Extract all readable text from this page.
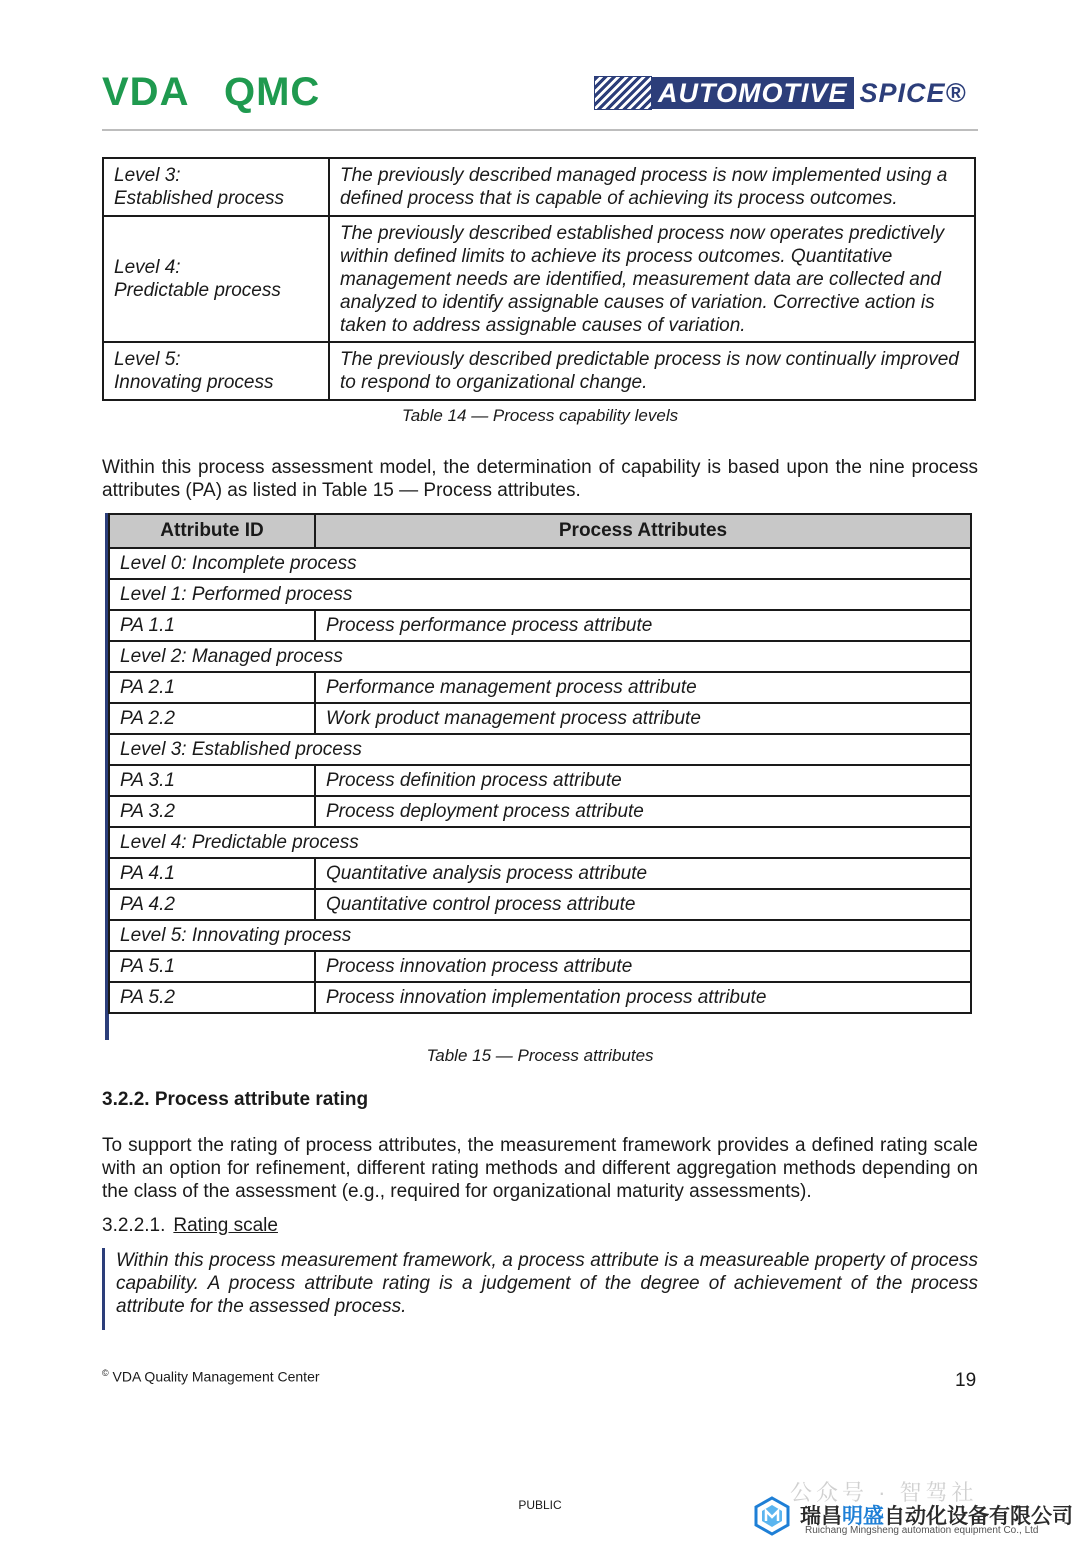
VDA QMC	AUTOMOTIVE SPICE®
Level 3:
Established process	The previously described managed process is now implemented using a defined process that is capable of achieving its process outcomes.

Level 4:
Predictable process	The previously described established process now operates predictively within defined limits to achieve its process outcomes. Quantitative management needs are identified, measurement data are collected and analyzed to identify assignable causes of variation. Corrective action is taken to address assignable causes of variation.

Level 5:
Innovating process	The previously described predictable process is now continually improved to respond to organizational change.
Table 14 — Process capability levels
Within this process assessment model, the determination of capability is based upon the nine process attributes (PA) as listed in Table 15 — Process attributes.
Attribute ID	Process Attributes
Level 0: Incomplete process	
Level 1: Performed process	
PA 1.1	Process performance process attribute
Level 2: Managed process	
PA 2.1	Performance management process attribute
PA 2.2	Work product management process attribute
Level 3: Established process	
PA 3.1	Process definition process attribute
PA 3.2	Process deployment process attribute
Level 4: Predictable process	
PA 4.1	Quantitative analysis process attribute
PA 4.2	Quantitative control process attribute
Level 5: Innovating process	
PA 5.1	Process innovation process attribute
PA 5.2	Process innovation implementation process attribute
Table 15 — Process attributes
3.2.2. Process attribute rating
To support the rating of process attributes, the measurement framework provides a defined rating scale with an option for refinement, different rating methods and different aggregation methods depending on the class of the assessment (e.g., required for organizational maturity assessments).
3.2.2.1. Rating scale
Within this process measurement framework, a process attribute is a measureable property of process capability. A process attribute rating is a judgement of the degree of achievement of the process attribute for the assessed process.
© VDA Quality Management Center	19
PUBLIC	公众号 · 智驾社
瑞昌明盛自动化设备有限公司
Ruichang Mingsheng automation equipment Co., Ltd
